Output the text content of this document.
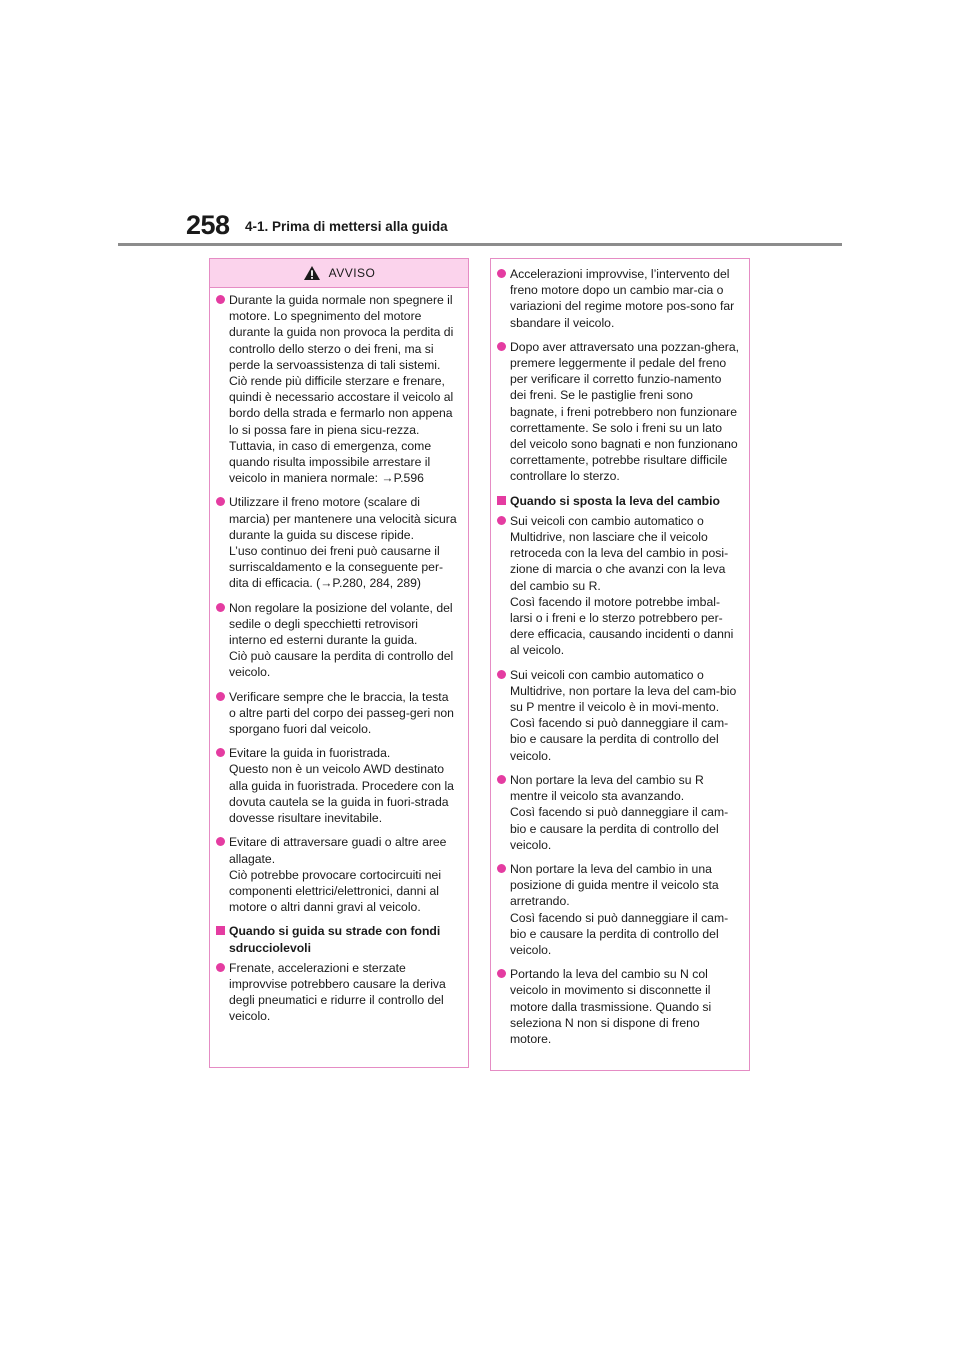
258 4-1. Prima di mettersi alla guida
AVVISO

Durante la guida normale non spegnere il motore. Lo spegnimento del motore durante la guida non provoca la perdita di controllo dello sterzo o dei freni, ma si perde la servoassistenza di tali sistemi. Ciò rende più difficile sterzare e frenare, quindi è necessario accostare il veicolo al bordo della strada e fermarlo non appena lo si possa fare in piena sicu-rezza.

Tuttavia, in caso di emergenza, come quando risulta impossibile arrestare il veicolo in maniera normale: →P.596

Utilizzare il freno motore (scalare di marcia) per mantenere una velocità sicura durante la guida su discese ripide.

L’uso continuo dei freni può causarne il surriscaldamento e la conseguente per-dita di efficacia. (→P.280, 284, 289)

Non regolare la posizione del volante, del sedile o degli specchietti retrovisori interno ed esterni durante la guida.

Ciò può causare la perdita di controllo del veicolo.

Verificare sempre che le braccia, la testa o altre parti del corpo dei passeg-geri non sporgano fuori dal veicolo.

Evitare la guida in fuoristrada.

Questo non è un veicolo AWD destinato alla guida in fuoristrada. Procedere con la dovuta cautela se la guida in fuori-strada dovesse risultare inevitabile.

Evitare di attraversare guadi o altre aree allagate.

Ciò potrebbe provocare cortocircuiti nei componenti elettrici/elettronici, danni al motore o altri danni gravi al veicolo.

Quando si guida su strade con fondi sdrucciolevoli

Frenate, accelerazioni e sterzate improvvise potrebbero causare la deriva degli pneumatici e ridurre il controllo del veicolo.

Accelerazioni improvvise, l’intervento del freno motore dopo un cambio mar-cia o variazioni del regime motore pos-sono far sbandare il veicolo.

Dopo aver attraversato una pozzan-ghera, premere leggermente il pedale del freno per verificare il corretto funzio-namento dei freni. Se le pastiglie freni sono bagnate, i freni potrebbero non funzionare correttamente. Se solo i freni su un lato del veicolo sono bagnati e non funzionano correttamente, potrebbe risultare difficile controllare lo sterzo.

Quando si sposta la leva del cambio

Sui veicoli con cambio automatico o Multidrive, non lasciare che il veicolo retroceda con la leva del cambio in posi-zione di marcia o che avanzi con la leva del cambio su R.

Così facendo il motore potrebbe imbal-larsi o i freni e lo sterzo potrebbero per-dere efficacia, causando incidenti o danni al veicolo.

Sui veicoli con cambio automatico o Multidrive, non portare la leva del cam-bio su P mentre il veicolo è in movi-mento.

Così facendo si può danneggiare il cam-bio e causare la perdita di controllo del veicolo.

Non portare la leva del cambio su R mentre il veicolo sta avanzando.

Così facendo si può danneggiare il cam-bio e causare la perdita di controllo del veicolo.

Non portare la leva del cambio in una posizione di guida mentre il veicolo sta arretrando.

Così facendo si può danneggiare il cam-bio e causare la perdita di controllo del veicolo.

Portando la leva del cambio su N col veicolo in movimento si disconnette il motore dalla trasmissione. Quando si seleziona N non si dispone di freno motore.
